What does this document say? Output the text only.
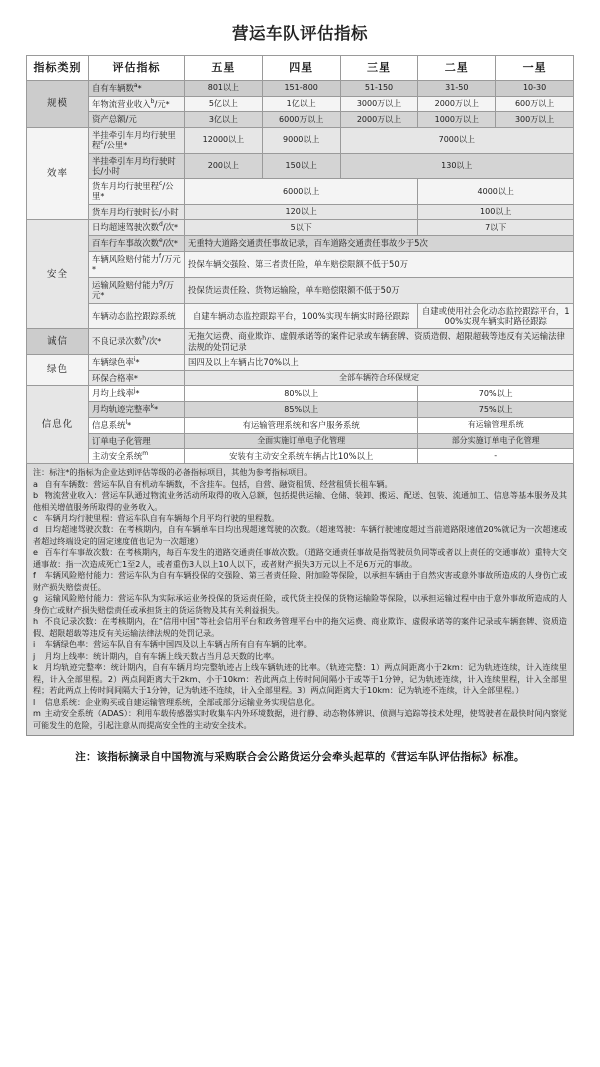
营运车队评估指标
指标类别	评估指标	五星	四星	三星	二星	一星
规模	自有车辆数$^a$*	801以上	151-800	51-150	31-50	10-30
	年物流营业收入$^b$/元*	5亿以上	1亿以上	3000万以上	2000万以上	600万以上
	资产总额/元	3亿以上	6000万以上	2000万以上	1000万以上	300万以上
效率	半挂牵引车月均行驶里程$^c$/公里*	12000以上	9000以上	7000以上		
	半挂牵引车月均行驶时长/小时	200以上	150以上	130以上		
	货车月均行驶里程$^c$/公里*	6000以上			4000以上	
	货车月均行驶时长/小时	120以上			100以上	
安全	日均超速驾驶次数$^d$/次*	5以下			7以下	
	百车行车事故次数$^e$/次*	无重特大道路交通责任事故记录，百车道路交通责任事故少于5次				
	车辆风险赔付能力$^f$/万元*	投保车辆交强险、第三者责任险，单车赔偿限额不低于50万				
	运输风险赔付能力$^g$/万元*	投保货运责任险、货物运输险，单车赔偿限额不低于50万				
	车辆动态监控跟踪系统	自建车辆动态监控跟踪平台，100%实现车辆实时路径跟踪			自建或使用社会化动态监控跟踪平台，100%实现车辆实时路径跟踪	
诚信	不良记录次数$^h$/次*	无拖欠运费、商业欺诈、虚假承诺等的案件记录或车辆套牌、资质造假、超限超载等违反有关运输法律法规的处罚记录				
绿色	车辆绿色率$^i$*	国四及以上车辆占比70%以上				
	环保合格率*	全部车辆符合环保规定				
信息化	月均上线率$^j$*	80%以上			70%以上	
	月均轨迹完整率$^k$*	85%以上			75%以上	
	信息系统$^l$*	有运输管理系统和客户服务系统			有运输管理系统	
	订单电子化管理	全面实施订单电子化管理			部分实施订单电子化管理	
	主动安全系统$^m$	安装有主动安全系统车辆占比10%以上			-	

注：标注*的指标为企业达到评估等级的必备指标项目，其他为参考指标项目。

a 自有车辆数：营运车队自有机动车辆数，不含挂车。包括，自营、融资租赁、经营租赁长租车辆。

b 物流营业收入：营运车队通过物流业务活动所取得的收入总额，包括提供运输、仓储、装卸、搬运、配送、包装、流通加工、信息等基本服务及其他相关增值服务所取得的业务收入。

c 车辆月均行驶里程：营运车队自有车辆每个月平均行驶的里程数。

d 日均超速驾驶次数：在考核期内，自有车辆单车日均出现超速驾驶的次数。（超速驾驶：车辆行驶速度超过当前道路限速值20%就记为一次超速或者超过终端设定的固定速度值也记为一次超速）

e 百车行车事故次数：在考核期内，每百车发生的道路交通责任事故次数。（道路交通责任事故是指驾驶员负同等或者以上责任的交通事故）重特大交通事故：指一次造成死亡1至2人，或者重伤3人以上10人以下，或者财产损失3万元以上不足6万元的事故。

f 车辆风险赔付能力：营运车队为自有车辆投保的交强险、第三者责任险、附加险等保险，以承担车辆由于自然灾害或意外事故所造成的人身伤亡或财产损失赔偿责任。

g 运输风险赔付能力：营运车队为实际承运业务投保的货运责任险，或代货主投保的货物运输险等保险，以承担运输过程中由于意外事故所造成的人身伤亡或财产损失赔偿责任或承担货主的货运货物及其有关利益损失。

h 不良记录次数：在考核期内，在“信用中国”等社会信用平台和政务管理平台中的拖欠运费、商业欺诈、虚假承诺等的案件记录或车辆套牌、资质造假、超限超载等违反有关运输法律法规的处罚记录。

i 车辆绿色率：营运车队自有车辆中国四及以上车辆占所有自有车辆的比率。

j 月均上线率：统计期内，自有车辆上线天数占当月总天数的比率。

k 月均轨迹完整率：统计期内，自有车辆月均完整轨迹占上线车辆轨迹的比率。（轨迹完整：1）两点间距离小于2km：记为轨迹连续，计入连续里程，计入全部里程。2）两点间距离大于2km、小于10km：若此两点上传时间间隔小于或等于1分钟，记为轨迹连续，计入连续里程，计入全部里程；若此两点上传时间间隔大于1分钟，记为轨迹不连续，计入全部里程。3）两点间距离大于10km：记为轨迹不连续，计入全部里程。）

l 信息系统：企业购买或自建运输管理系统，全部或部分运输业务实现信息化。

m 主动安全系统（ADAS）：利用车载传感器实时收集车内外环境数据，进行静、动态物体辨识、侦测与追踪等技术处理，使驾驶者在最快时间内察觉可能发生的危险，引起注意从而提高安全性的主动安全技术。

注：该指标摘录自中国物流与采购联合会公路货运分会牵头起草的《营运车队评估指标》标准。
